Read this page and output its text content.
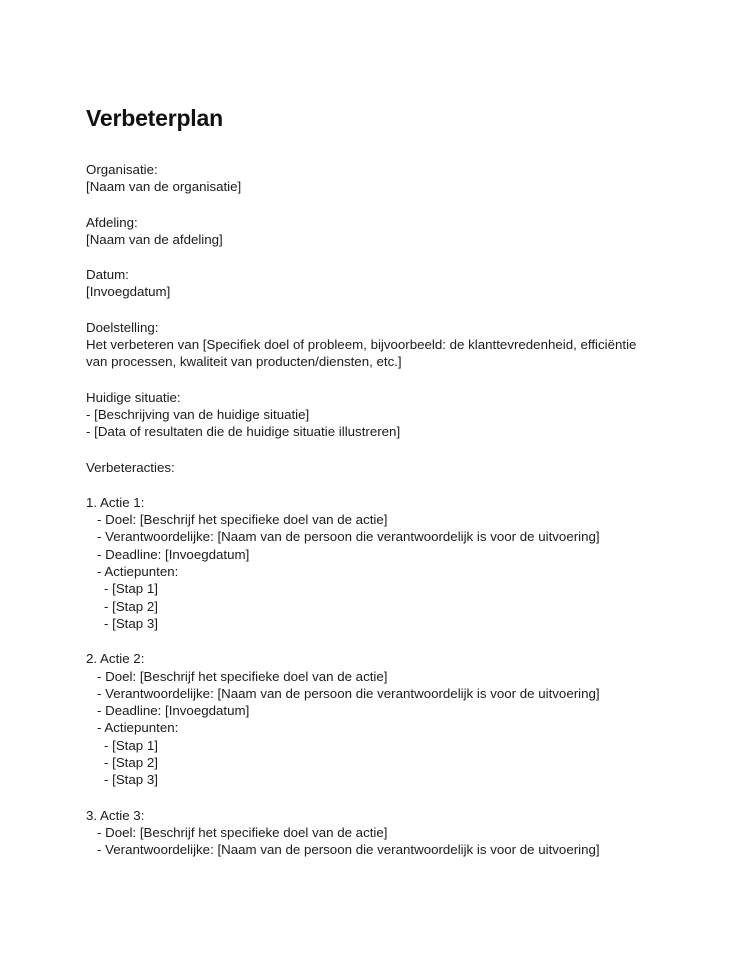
Verbeterplan
Organisatie:
[Naam van de organisatie]
Afdeling:
[Naam van de afdeling]
Datum:
[Invoegdatum]
Doelstelling:
Het verbeteren van [Specifiek doel of probleem, bijvoorbeeld: de klanttevredenheid, efficiëntie van processen, kwaliteit van producten/diensten, etc.]
Huidige situatie:
- [Beschrijving van de huidige situatie]
- [Data of resultaten die de huidige situatie illustreren]
Verbeteracties:
1. Actie 1:
- Doel: [Beschrijf het specifieke doel van de actie]
- Verantwoordelijke: [Naam van de persoon die verantwoordelijk is voor de uitvoering]
- Deadline: [Invoegdatum]
- Actiepunten:
- [Stap 1]
- [Stap 2]
- [Stap 3]
2. Actie 2:
- Doel: [Beschrijf het specifieke doel van de actie]
- Verantwoordelijke: [Naam van de persoon die verantwoordelijk is voor de uitvoering]
- Deadline: [Invoegdatum]
- Actiepunten:
- [Stap 1]
- [Stap 2]
- [Stap 3]
3. Actie 3:
- Doel: [Beschrijf het specifieke doel van de actie]
- Verantwoordelijke: [Naam van de persoon die verantwoordelijk is voor de uitvoering]
